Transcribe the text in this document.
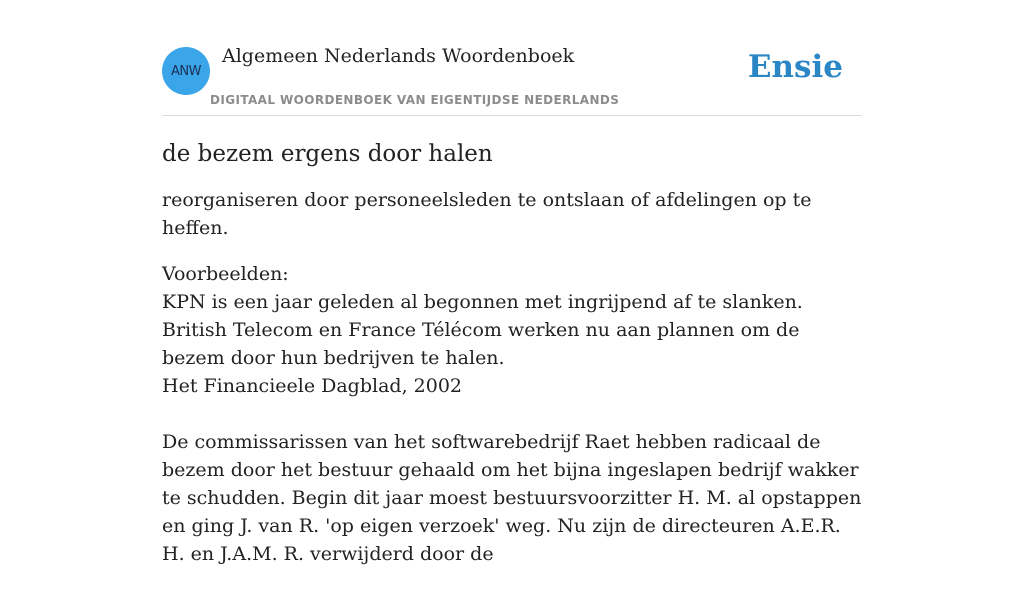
ANW
Algemeen Nederlands Woordenboek
DIGITAAL WOORDENBOEK VAN EIGENTIJDSE NEDERLANDS
Ensie
de bezem ergens door halen

reorganiseren door personeelsleden te ontslaan of afdelingen op te heffen.

Voorbeelden:

KPN is een jaar geleden al begonnen met ingrijpend af te slanken. British Telecom en France Télécom werken nu aan plannen om de bezem door hun bedrijven te halen.

Het Financieele Dagblad, 2002

De commissarissen van het softwarebedrijf Raet hebben radicaal de bezem door het bestuur gehaald om het bijna ingeslapen bedrijf wakker te schudden. Begin dit jaar moest bestuursvoorzitter H. M. al opstappen en ging J. van R. 'op eigen verzoek' weg. Nu zijn de directeuren A.E.R. H. en J.A.M. R. verwijderd door de
